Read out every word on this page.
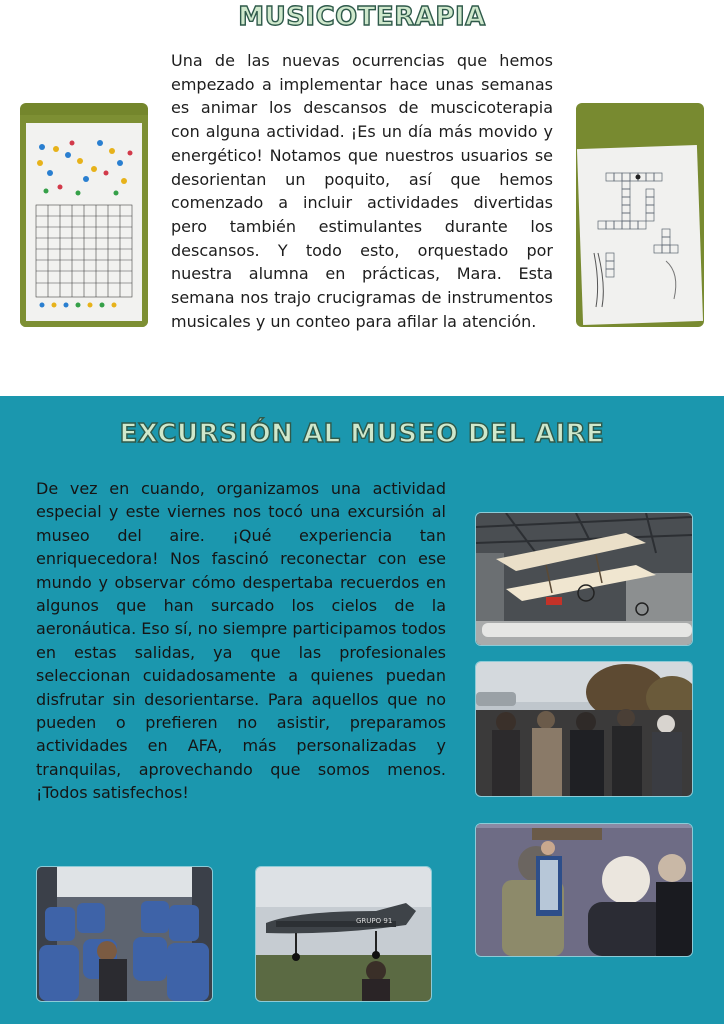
MUSICOTERAPIA

Una de las nuevas ocurrencias que hemos empezado a implementar hace unas semanas es animar los descansos de muscicoterapia con alguna actividad. ¡Es un día más movido y energético! Notamos que nuestros usuarios se desorientan un poquito, así que hemos comenzado a incluir actividades divertidas pero también estimulantes durante los descansos. Y todo esto, orquestado por nuestra alumna en prácticas, Mara. Esta semana nos trajo crucigramas de instrumentos musicales y un conteo para afilar la atención.

EXCURSIÓN AL MUSEO DEL AIRE

De vez en cuando, organizamos una actividad especial y este viernes nos tocó una excursión al museo del aire. ¡Qué experiencia tan enriquecedora! Nos fascinó reconectar con ese mundo y observar cómo despertaba recuerdos en algunos que han surcado los cielos de la aeronáutica. Eso sí, no siempre participamos todos en estas salidas, ya que las profesionales seleccionan cuidadosamente a quienes puedan disfrutar sin desorientarse. Para aquellos que no pueden o prefieren no asistir, preparamos actividades en AFA, más personalizadas y tranquilas, aprovechando que somos menos. ¡Todos satisfechos!

GRUPO 91
